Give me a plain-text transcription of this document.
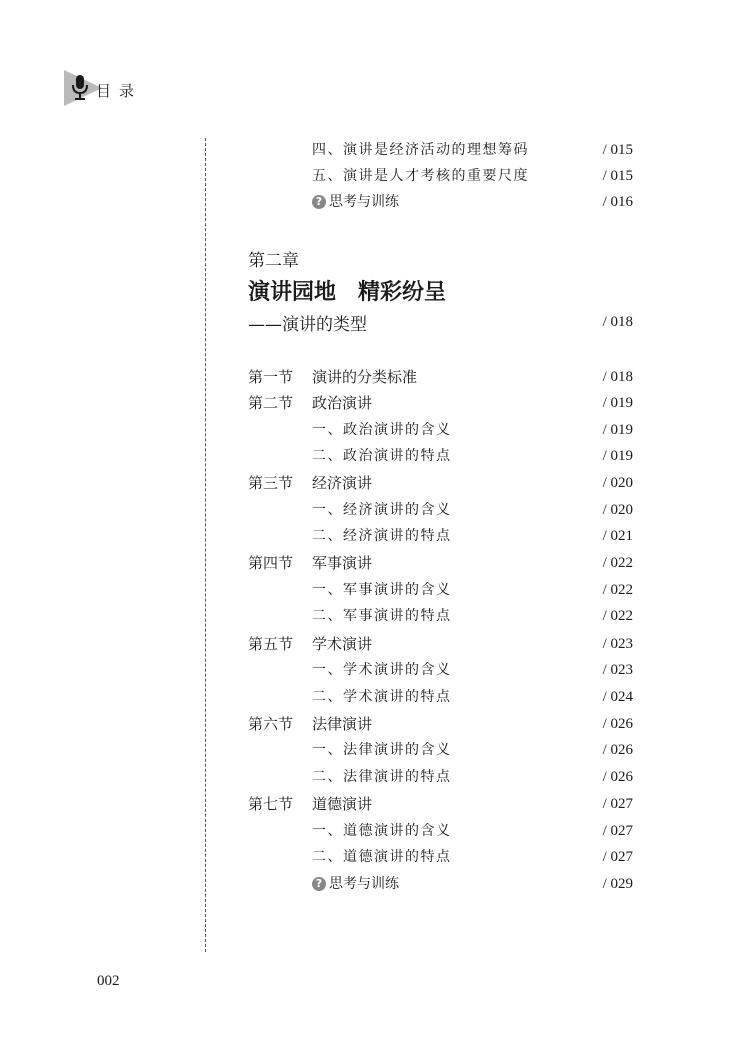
目录
四、演讲是经济活动的理想筹码	/ 015
五、演讲是人才考核的重要尺度	/ 015
? 思考与训练	/ 016
第二章
演讲园地　精彩纷呈
——演讲的类型	/ 018
第一节 演讲的分类标准	/ 018
第二节 政治演讲	/ 019
一、政治演讲的含义	/ 019
二、政治演讲的特点	/ 019
第三节 经济演讲	/ 020
一、经济演讲的含义	/ 020
二、经济演讲的特点	/ 021
第四节 军事演讲	/ 022
一、军事演讲的含义	/ 022
二、军事演讲的特点	/ 022
第五节 学术演讲	/ 023
一、学术演讲的含义	/ 023
二、学术演讲的特点	/ 024
第六节 法律演讲	/ 026
一、法律演讲的含义	/ 026
二、法律演讲的特点	/ 026
第七节 道德演讲	/ 027
一、道德演讲的含义	/ 027
二、道德演讲的特点	/ 027
? 思考与训练	/ 029
002
